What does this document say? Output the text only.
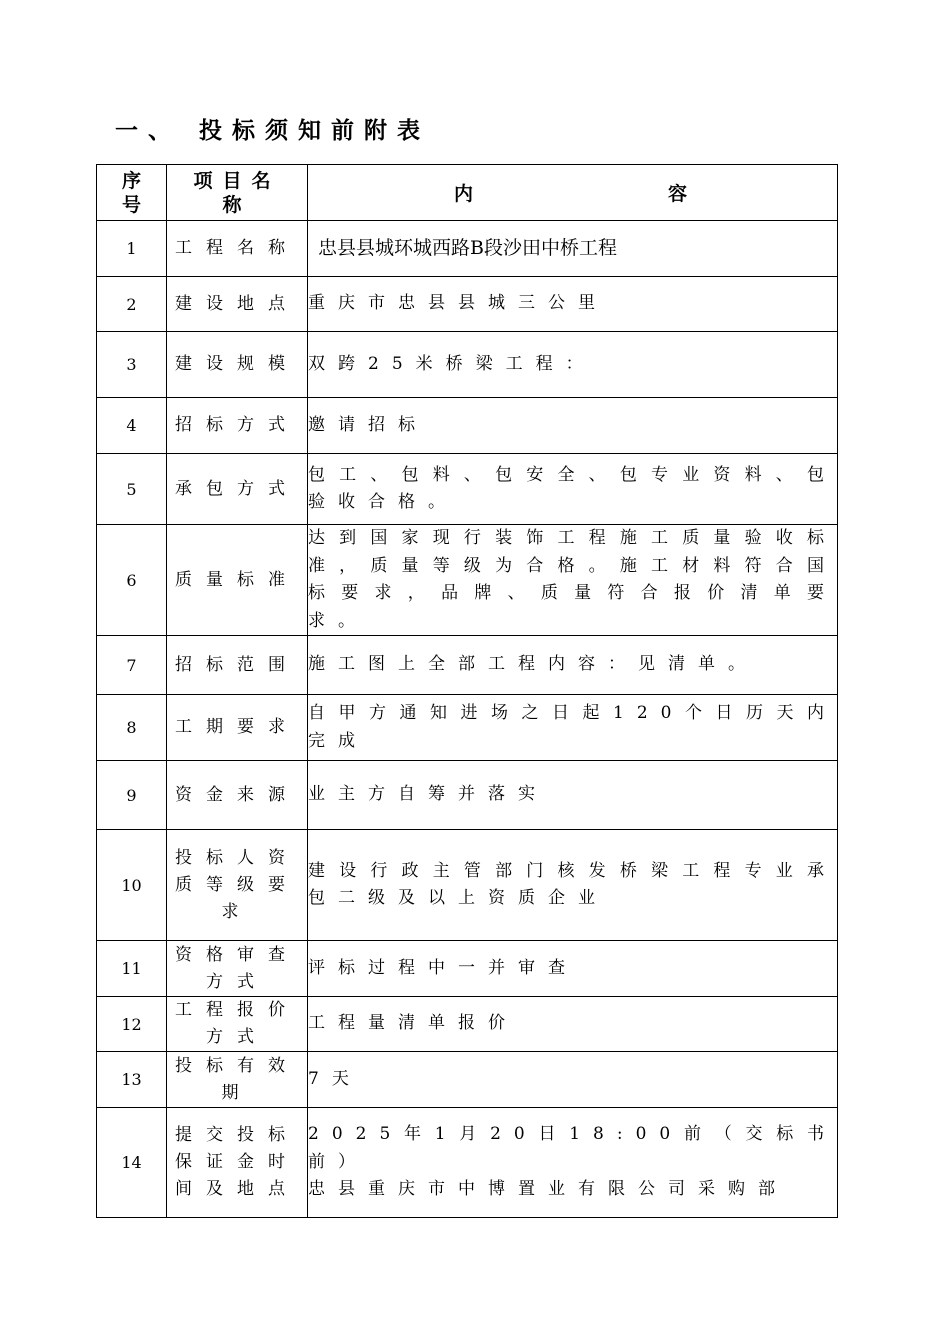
一、 投标须知前附表
序号	项目名称	内 容

1	工程名称	忠县县城环城西路B段沙田中桥工程

2	建设地点	重庆市忠县县城三公里

3	建设规模	双跨25米桥梁工程：

4	招标方式	邀请招标

5	承包方式	包工、包料、包安全、包专业资料、包验收合格。

6	质量标准	达到国家现行装饰工程施工质量验收标准，质量等级为合格。施工材料符合国标要求，品牌、质量符合报价清单要求。

7	招标范围	施工图上全部工程内容：见清单。

8	工期要求	自甲方通知进场之日起120个日历天内完成

9	资金来源	业主方自筹并落实

10	投标人资质等级要求	建设行政主管部门核发桥梁工程专业承包二级及以上资质企业

11	资格审查方式	评标过程中一并审查

12	工程报价方式	工程量清单报价

13	投标有效期	7天

14	提交投标保证金时间及地点	2025年1月20日18:00前（交标书前）
忠县重庆市中博置业有限公司采购部
